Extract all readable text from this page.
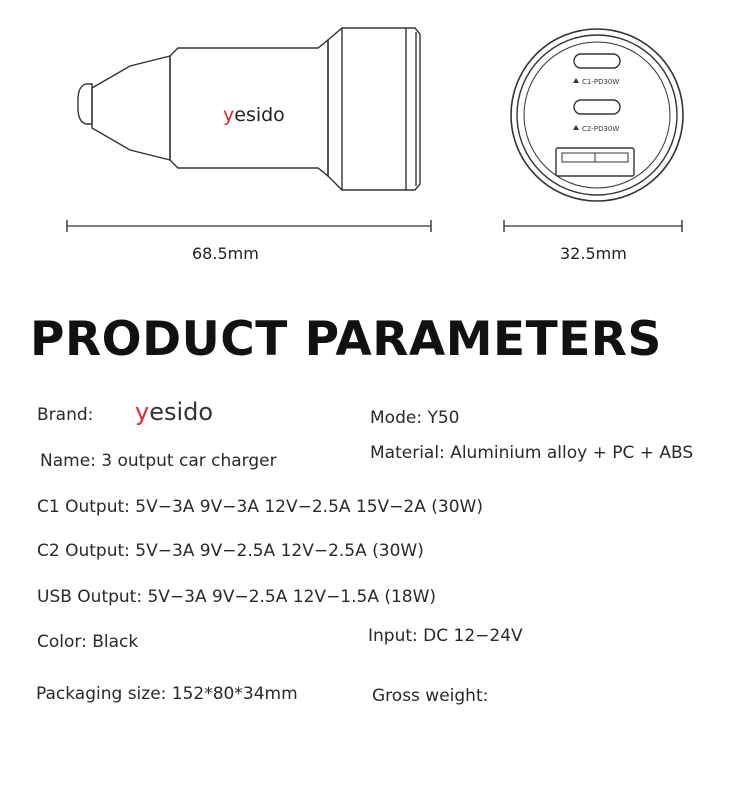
yesido
C1-PD30W
C2-PD30W
68.5mm	32.5mm
PRODUCT PARAMETERS
Brand: yesido	Mode: Y50
Name: 3 output car charger	Material: Aluminium alloy + PC + ABS
C1 Output: 5V−3A 9V−3A 12V−2.5A 15V−2A (30W)
C2 Output: 5V−3A 9V−2.5A 12V−2.5A (30W)
USB Output: 5V−3A 9V−2.5A 12V−1.5A (18W)
Color: Black	Input: DC 12−24V
Packaging size: 152*80*34mm	Gross weight:
